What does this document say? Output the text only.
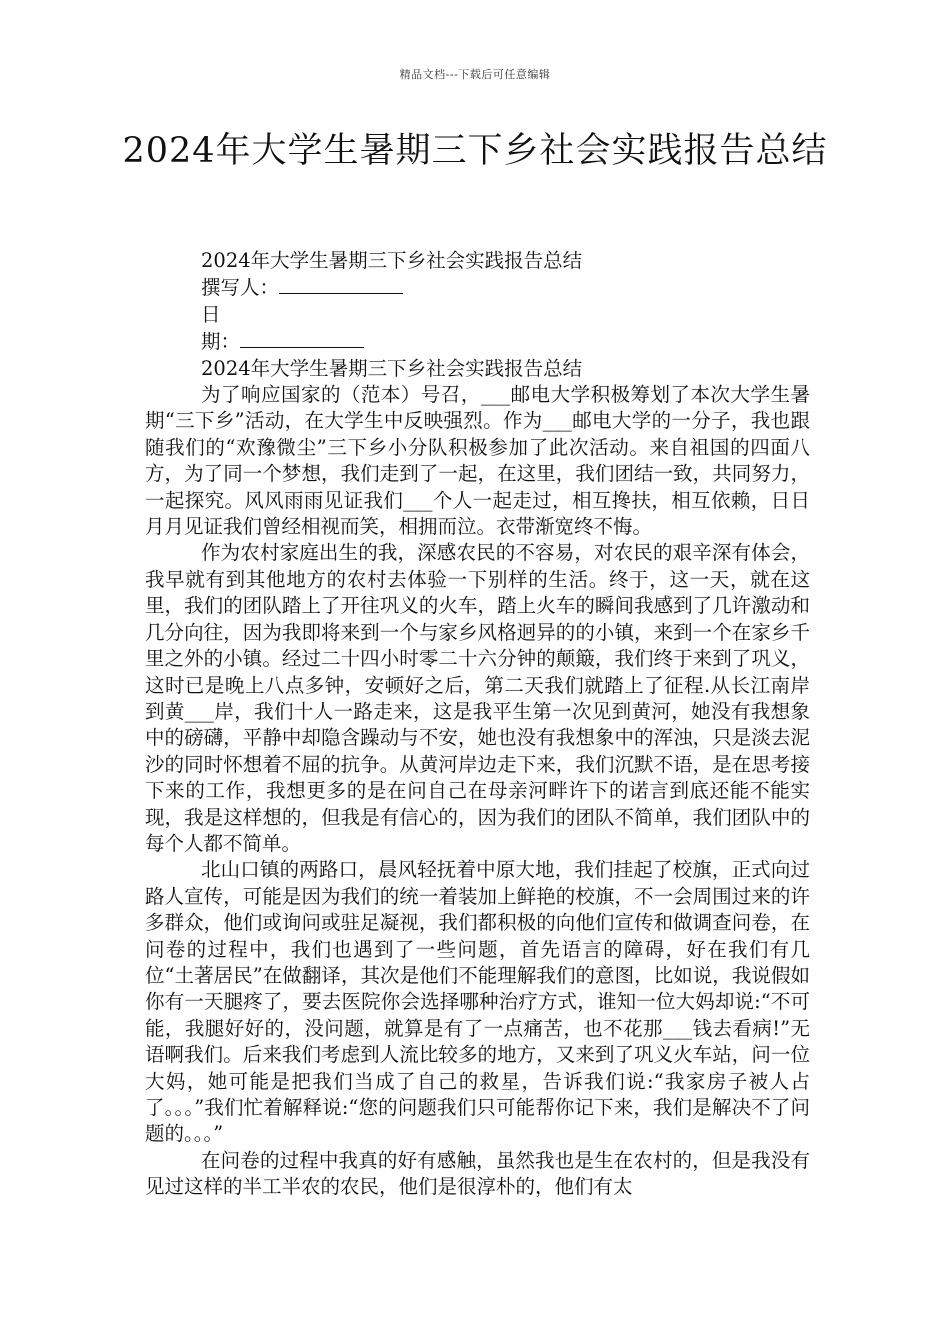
精品文档---下载后可任意编辑
2024年大学生暑期三下乡社会实践报告总结
2024年大学生暑期三下乡社会实践报告总结
撰写人：
日
期：
2024年大学生暑期三下乡社会实践报告总结

为了响应国家的（范本）号召，___邮电大学积极筹划了本次大学生暑期“三下乡”活动，在大学生中反映强烈。作为___邮电大学的一分子，我也跟随我们的“欢豫微尘”三下乡小分队积极参加了此次活动。来自祖国的四面八方，为了同一个梦想，我们走到了一起，在这里，我们团结一致，共同努力，一起探究。风风雨雨见证我们___个人一起走过，相互搀扶，相互依赖，日日月月见证我们曾经相视而笑，相拥而泣。衣带渐宽终不悔。

作为农村家庭出生的我，深感农民的不容易，对农民的艰辛深有体会，我早就有到其他地方的农村去体验一下别样的生活。终于，这一天，就在这里，我们的团队踏上了开往巩义的火车，踏上火车的瞬间我感到了几许激动和几分向往，因为我即将来到一个与家乡风格迥异的的小镇，来到一个在家乡千里之外的小镇。经过二十四小时零二十六分钟的颠簸，我们终于来到了巩义，这时已是晚上八点多钟，安顿好之后，第二天我们就踏上了征程.从长江南岸到黄___岸，我们十人一路走来，这是我平生第一次见到黄河，她没有我想象中的磅礴，平静中却隐含躁动与不安，她也没有我想象中的浑浊，只是淡去泥沙的同时怀想着不屈的抗争。从黄河岸边走下来，我们沉默不语，是在思考接下来的工作，我想更多的是在问自己在母亲河畔许下的诺言到底还能不能实现，我是这样想的，但我是有信心的，因为我们的团队不简单，我们团队中的每个人都不简单。

北山口镇的两路口，晨风轻抚着中原大地，我们挂起了校旗，正式向过路人宣传，可能是因为我们的统一着装加上鲜艳的校旗，不一会周围过来的许多群众，他们或询问或驻足凝视，我们都积极的向他们宣传和做调查问卷，在问卷的过程中，我们也遇到了一些问题，首先语言的障碍，好在我们有几位“土著居民”在做翻译，其次是他们不能理解我们的意图，比如说，我说假如你有一天腿疼了，要去医院你会选择哪种治疗方式，谁知一位大妈却说:“不可能，我腿好好的，没问题，就算是有了一点痛苦，也不花那___钱去看病!”无语啊我们。后来我们考虑到人流比较多的地方，又来到了巩义火车站，问一位大妈，她可能是把我们当成了自己的救星，告诉我们说:“我家房子被人占了。。。”我们忙着解释说:“您的问题我们只可能帮你记下来，我们是解决不了问题的。。。”

在问卷的过程中我真的好有感触，虽然我也是生在农村的，但是我没有见过这样的半工半农的农民，他们是很淳朴的，他们有太
